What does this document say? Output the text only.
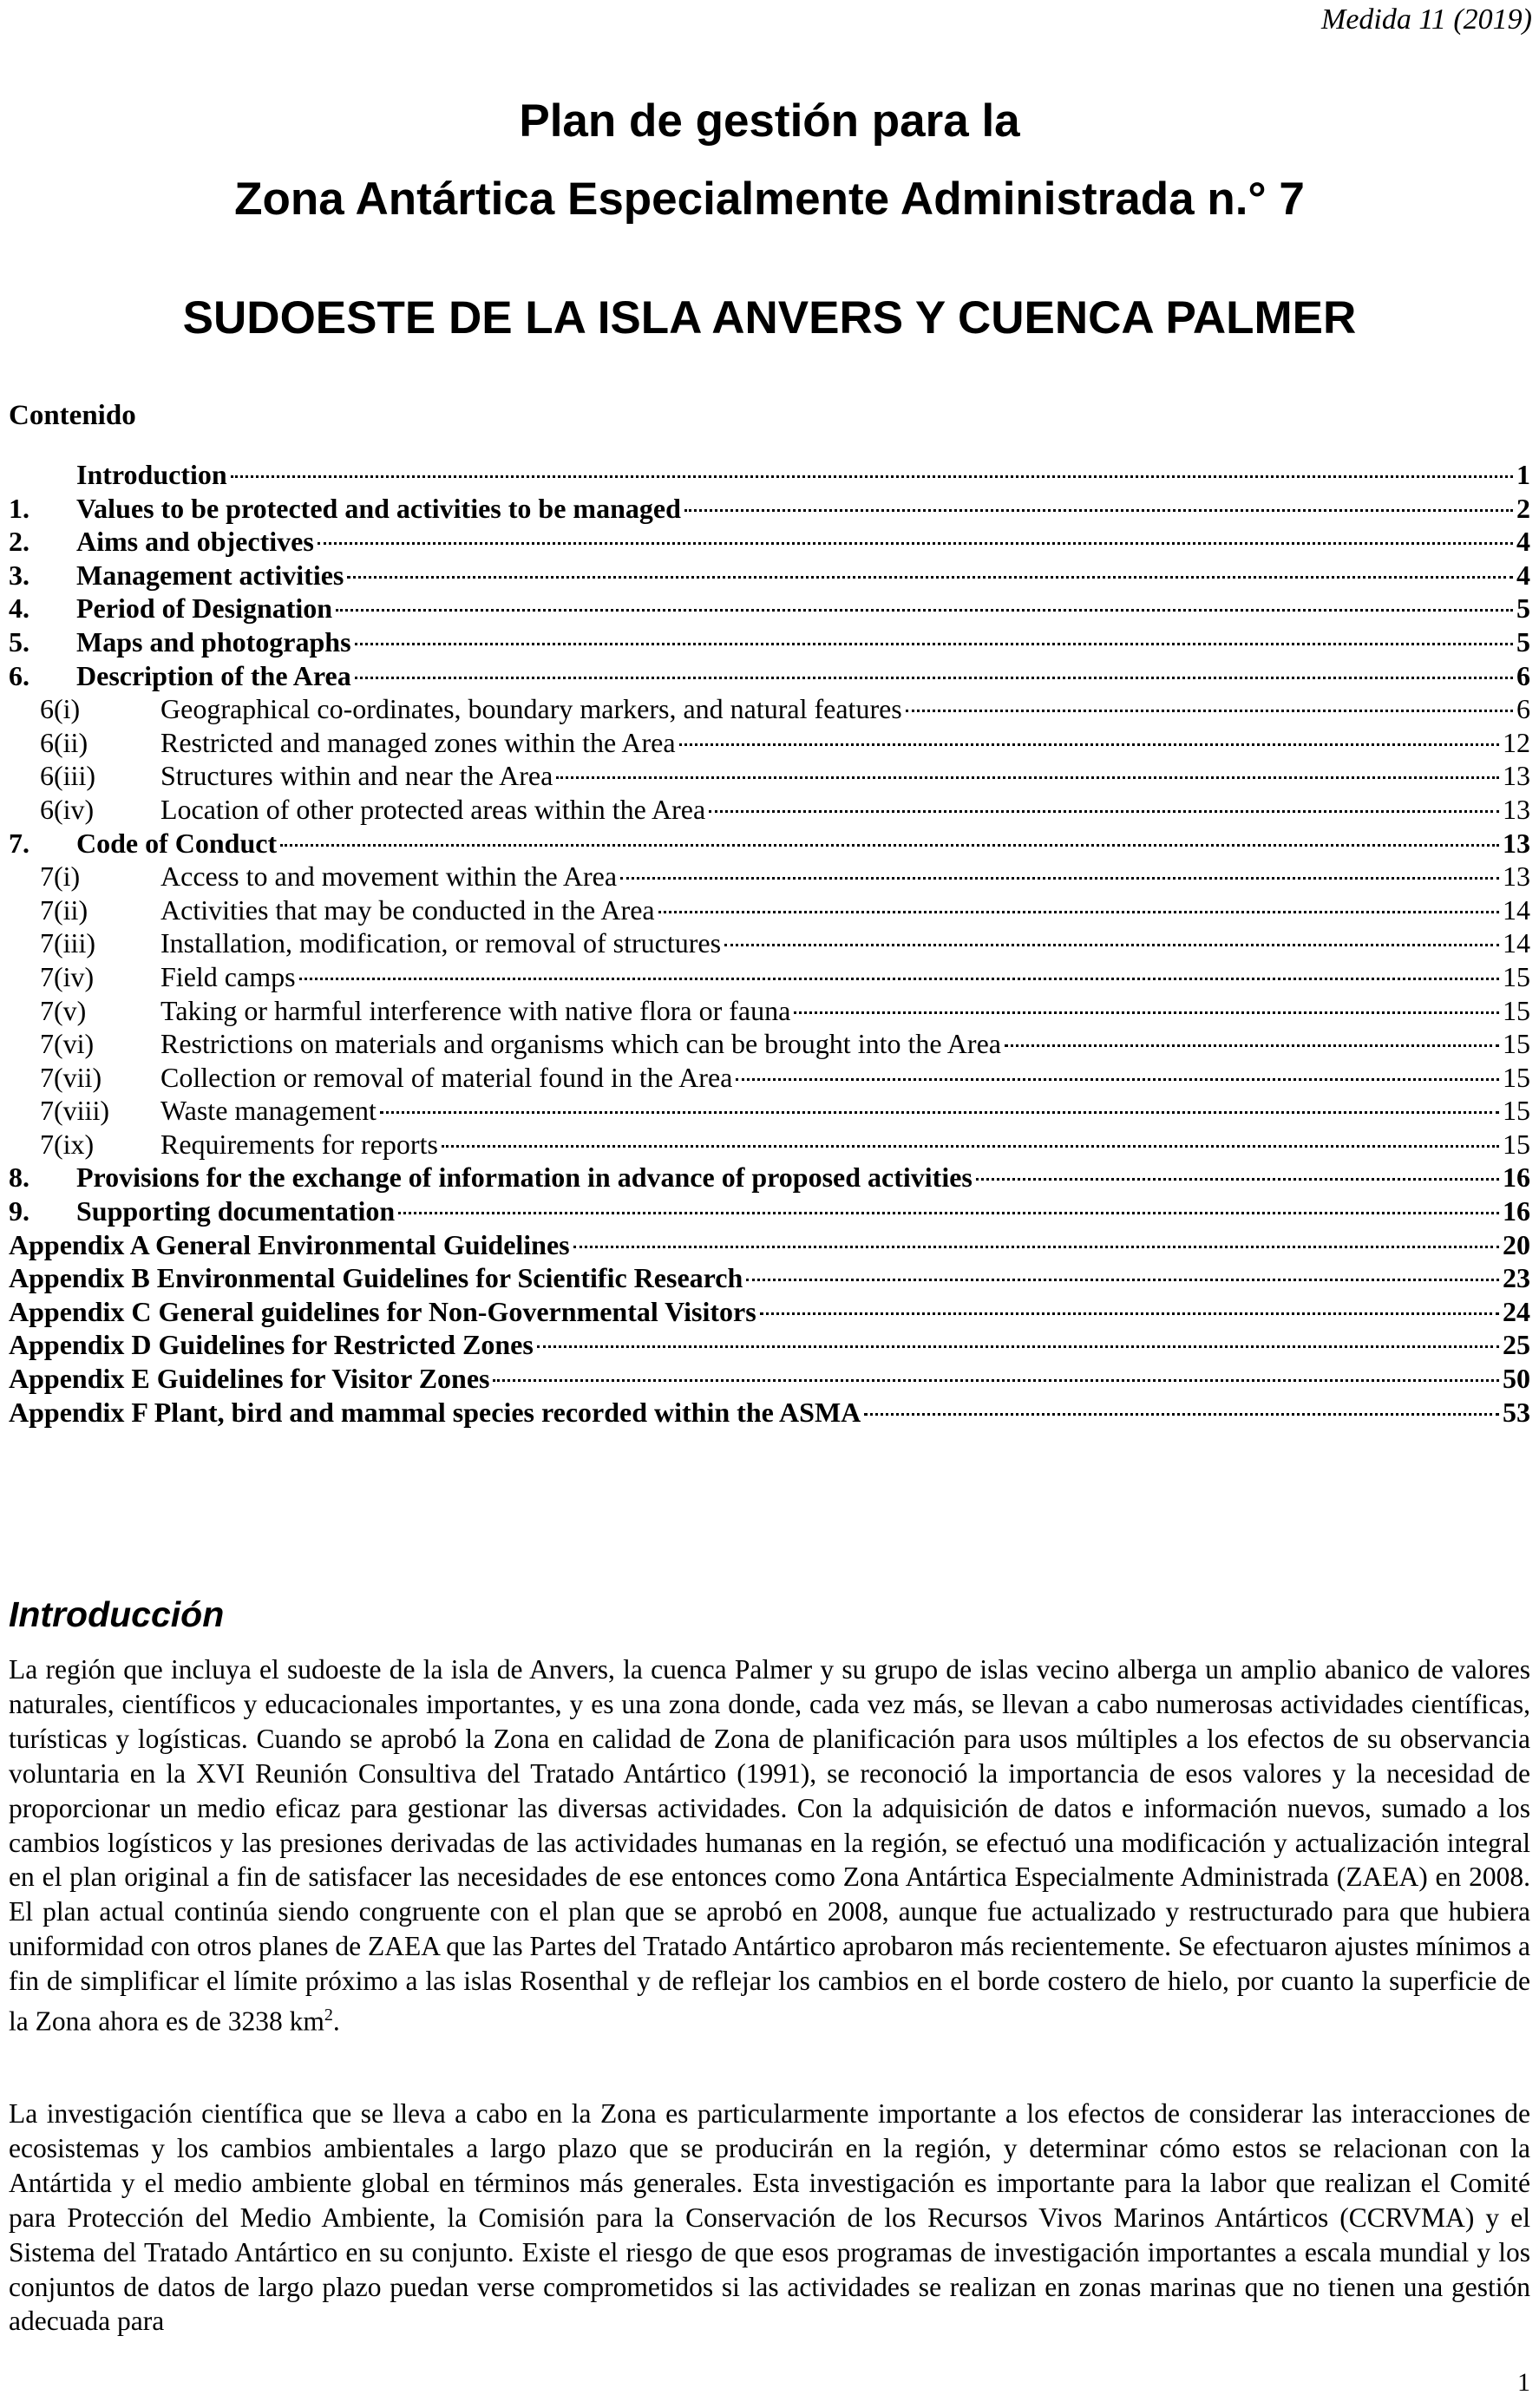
Medida 11 (2019)
Plan de gestión para la
Zona Antártica Especialmente Administrada n.° 7
SUDOESTE DE LA ISLA ANVERS Y CUENCA PALMER
Contenido
Introduction	1
1.	Values to be protected and activities to be managed	2
2.	Aims and objectives	4
3.	Management activities	4
4.	Period of Designation	5
5.	Maps and photographs	5
6.	Description of the Area	6
6(i)	Geographical co-ordinates, boundary markers, and natural features	6
6(ii)	Restricted and managed zones within the Area	12
6(iii)	Structures within and near the Area	13
6(iv)	Location of other protected areas within the Area	13
7.	Code of Conduct	13
7(i)	Access to and movement within the Area	13
7(ii)	Activities that may be conducted in the Area	14
7(iii)	Installation, modification, or removal of structures	14
7(iv)	Field camps	15
7(v)	Taking or harmful interference with native flora or fauna	15
7(vi)	Restrictions on materials and organisms which can be brought into the Area	15
7(vii)	Collection or removal of material found in the Area	15
7(viii)	Waste management	15
7(ix)	Requirements for reports	15
8.	Provisions for the exchange of information in advance of proposed activities	16
9.	Supporting documentation	16
Appendix A General Environmental Guidelines	20
Appendix B Environmental Guidelines for Scientific Research	23
Appendix C General guidelines for Non-Governmental Visitors	24
Appendix D Guidelines for Restricted Zones	25
Appendix E Guidelines for Visitor Zones	50
Appendix F Plant, bird and mammal species recorded within the ASMA	53
Introducción

La región que incluya el sudoeste de la isla de Anvers, la cuenca Palmer y su grupo de islas vecino alberga un amplio abanico de valores naturales, científicos y educacionales importantes, y es una zona donde, cada vez más, se llevan a cabo numerosas actividades científicas, turísticas y logísticas. Cuando se aprobó la Zona en calidad de Zona de planificación para usos múltiples a los efectos de su observancia voluntaria en la XVI Reunión Consultiva del Tratado Antártico (1991), se reconoció la importancia de esos valores y la necesidad de proporcionar un medio eficaz para gestionar las diversas actividades. Con la adquisición de datos e información nuevos, sumado a los cambios logísticos y las presiones derivadas de las actividades humanas en la región, se efectuó una modificación y actualización integral en el plan original a fin de satisfacer las necesidades de ese entonces como Zona Antártica Especialmente Administrada (ZAEA) en 2008. El plan actual continúa siendo congruente con el plan que se aprobó en 2008, aunque fue actualizado y restructurado para que hubiera uniformidad con otros planes de ZAEA que las Partes del Tratado Antártico aprobaron más recientemente. Se efectuaron ajustes mínimos a fin de simplificar el límite próximo a las islas Rosenthal y de reflejar los cambios en el borde costero de hielo, por cuanto la superficie de la Zona ahora es de 3238 $km^2$.

La investigación científica que se lleva a cabo en la Zona es particularmente importante a los efectos de considerar las interacciones de ecosistemas y los cambios ambientales a largo plazo que se producirán en la región, y determinar cómo estos se relacionan con la Antártida y el medio ambiente global en términos más generales. Esta investigación es importante para la labor que realizan el Comité para Protección del Medio Ambiente, la Comisión para la Conservación de los Recursos Vivos Marinos Antárticos (CCRVMA) y el Sistema del Tratado Antártico en su conjunto. Existe el riesgo de que esos programas de investigación importantes a escala mundial y los conjuntos de datos de largo plazo puedan verse comprometidos si las actividades se realizan en zonas marinas que no tienen una gestión adecuada para

1
